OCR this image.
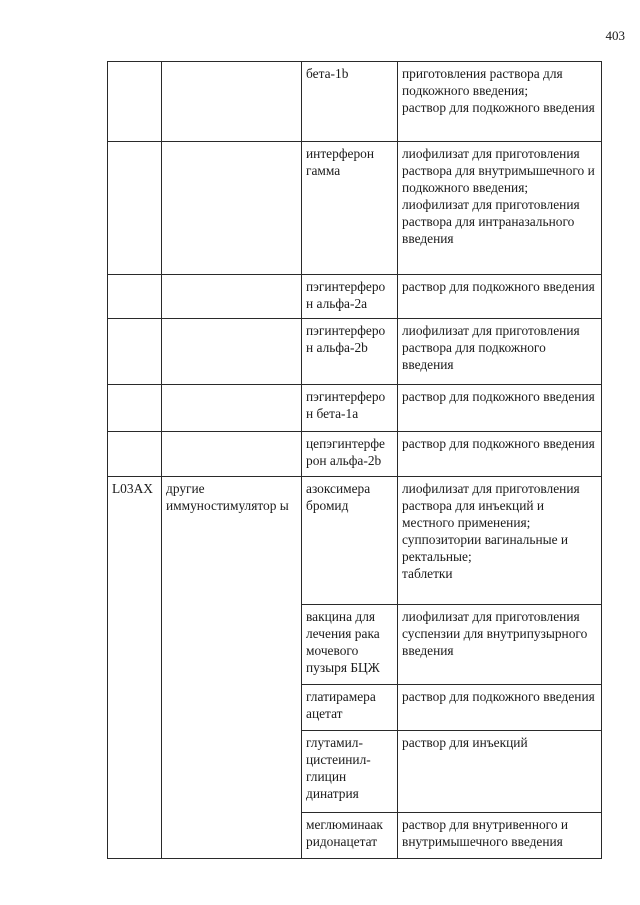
403
		бета-1b	приготовления раствора для подкожного введения;
раствор для подкожного введения
		интерферон гамма	лиофилизат для приготовления раствора для внутримышечного и подкожного введения;
лиофилизат для приготовления раствора для интраназального введения
		пэгинтерферо н альфа-2а	раствор для подкожного введения
		пэгинтерферо н альфа-2b	лиофилизат для приготовления раствора для подкожного введения
		пэгинтерферо н бета-1а	раствор для подкожного введения
		цепэгинтерфе рон альфа-2b	раствор для подкожного введения
L03AX	другие иммуностимулятор ы	азоксимера бромид	лиофилизат для приготовления раствора для инъекций и местного применения;
суппозитории вагинальные и ректальные;
таблетки
		вакцина для лечения рака мочевого пузыря БЦЖ	лиофилизат для приготовления суспензии для внутрипузырного введения
		глатирамера ацетат	раствор для подкожного введения
		глутамил-
цистеинил-
глицин динатрия	раствор для инъекций
		меглюминаак ридонацетат	раствор для внутривенного и внутримышечного введения
